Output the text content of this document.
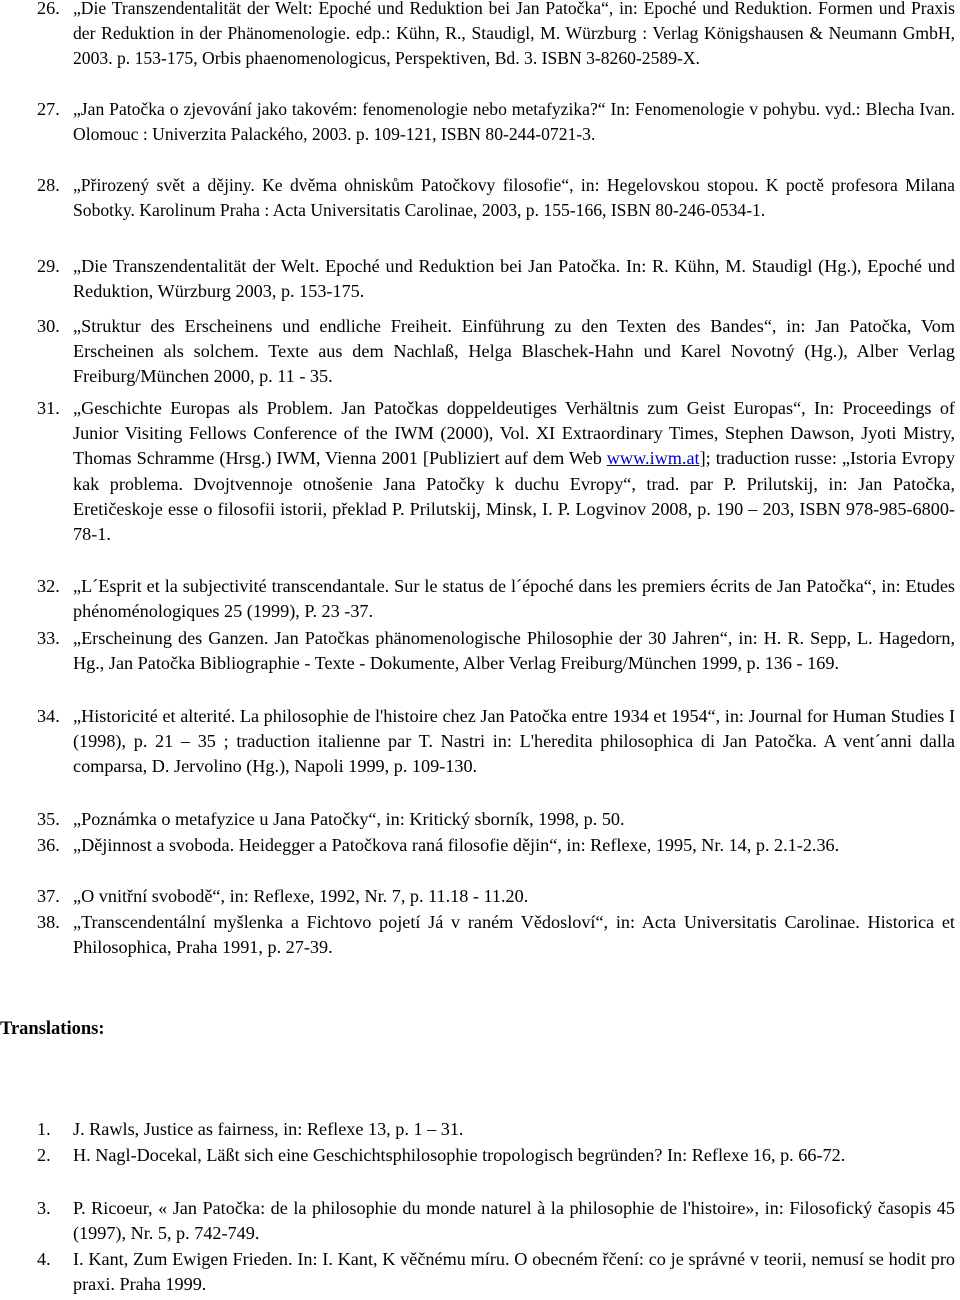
26. „Die Transzendentalität der Welt: Epoché und Reduktion bei Jan Patočka“, in: Epoché und Reduktion. Formen und Praxis der Reduktion in der Phänomenologie. edp.: Kühn, R., Staudigl, M. Würzburg : Verlag Königshausen & Neumann GmbH, 2003. p. 153-175, Orbis phaenomenologicus, Perspektiven, Bd. 3. ISBN 3-8260-2589-X.
27. „Jan Patočka o zjevování jako takovém: fenomenologie nebo metafyzika?“ In: Fenomenologie v pohybu. vyd.: Blecha Ivan. Olomouc : Univerzita Palackého, 2003. p. 109-121, ISBN 80-244-0721-3.
28. „Přirozený svět a dějiny. Ke dvěma ohniskům Patočkovy filosofie“, in: Hegelovskou stopou. K poctě profesora Milana Sobotky. Karolinum Praha : Acta Universitatis Carolinae, 2003, p. 155-166, ISBN 80-246-0534-1.
29. „Die Transzendentalität der Welt. Epoché und Reduktion bei Jan Patočka. In: R. Kühn, M. Staudigl (Hg.), Epoché und Reduktion, Würzburg 2003, p. 153-175.
30. „Struktur des Erscheinens und endliche Freiheit. Einführung zu den Texten des Bandes“, in: Jan Patočka, Vom Erscheinen als solchem. Texte aus dem Nachlaß, Helga Blaschek-Hahn und Karel Novotný (Hg.), Alber Verlag Freiburg/München 2000, p. 11 - 35.
31. „Geschichte Europas als Problem. Jan Patočkas doppeldeutiges Verhältnis zum Geist Europas“, In: Proceedings of Junior Visiting Fellows Conference of the IWM (2000), Vol. XI Extraordinary Times, Stephen Dawson, Jyoti Mistry, Thomas Schramme (Hrsg.) IWM, Vienna 2001 [Publiziert auf dem Web www.iwm.at]; traduction russe: „Istoria Evropy kak problema. Dvojtvennoje otnošenie Jana Patočky k duchu Evropy“, trad. par P. Prilutskij, in: Jan Patočka, Eretičeskoje esse o filosofii istorii, překlad P. Prilutskij, Minsk, I. P. Logvinov 2008, p. 190 – 203, ISBN 978-985-6800-78-1.
32. „L´Esprit et la subjectivité transcendantale. Sur le status de l´époché dans les premiers écrits de Jan Patočka“, in: Etudes phénoménologiques 25 (1999), P. 23 -37.
33. „Erscheinung des Ganzen. Jan Patočkas phänomenologische Philosophie der 30 Jahren“, in: H. R. Sepp, L. Hagedorn, Hg., Jan Patočka Bibliographie - Texte - Dokumente, Alber Verlag Freiburg/München 1999, p. 136 - 169.
34. „Historicité et alterité. La philosophie de l'histoire chez Jan Patočka entre 1934 et 1954“, in: Journal for Human Studies I (1998), p. 21 – 35 ; traduction italienne par T. Nastri in: L'heredita philosophica di Jan Patočka. A vent´anni dalla comparsa, D. Jervolino (Hg.), Napoli 1999, p. 109-130.
35. „Poznámka o metafyzice u Jana Patočky“, in: Kritický sborník, 1998, p. 50.
36. „Dějinnost a svoboda. Heidegger a Patočkova raná filosofie dějin“, in: Reflexe, 1995, Nr. 14, p. 2.1-2.36.
37. „O vnitřní svobodě“, in: Reflexe, 1992, Nr. 7, p. 11.18 - 11.20.
38. „Transcendentální myšlenka a Fichtovo pojetí Já v raném Vědosloví“, in: Acta Universitatis Carolinae. Historica et Philosophica, Praha 1991, p. 27-39.
Translations:
1. J. Rawls, Justice as fairness, in: Reflexe 13, p. 1 – 31.
2. H. Nagl-Docekal, Läßt sich eine Geschichtsphilosophie tropologisch begründen? In: Reflexe 16, p. 66-72.
3. P. Ricoeur, « Jan Patočka: de la philosophie du monde naturel à la philosophie de l'histoire», in: Filosofický časopis 45 (1997), Nr. 5, p. 742-749.
4. I. Kant, Zum Ewigen Frieden. In: I. Kant, K věčnému míru. O obecném řčení: co je správné v teorii, nemusí se hodit pro praxi. Praha 1999.
